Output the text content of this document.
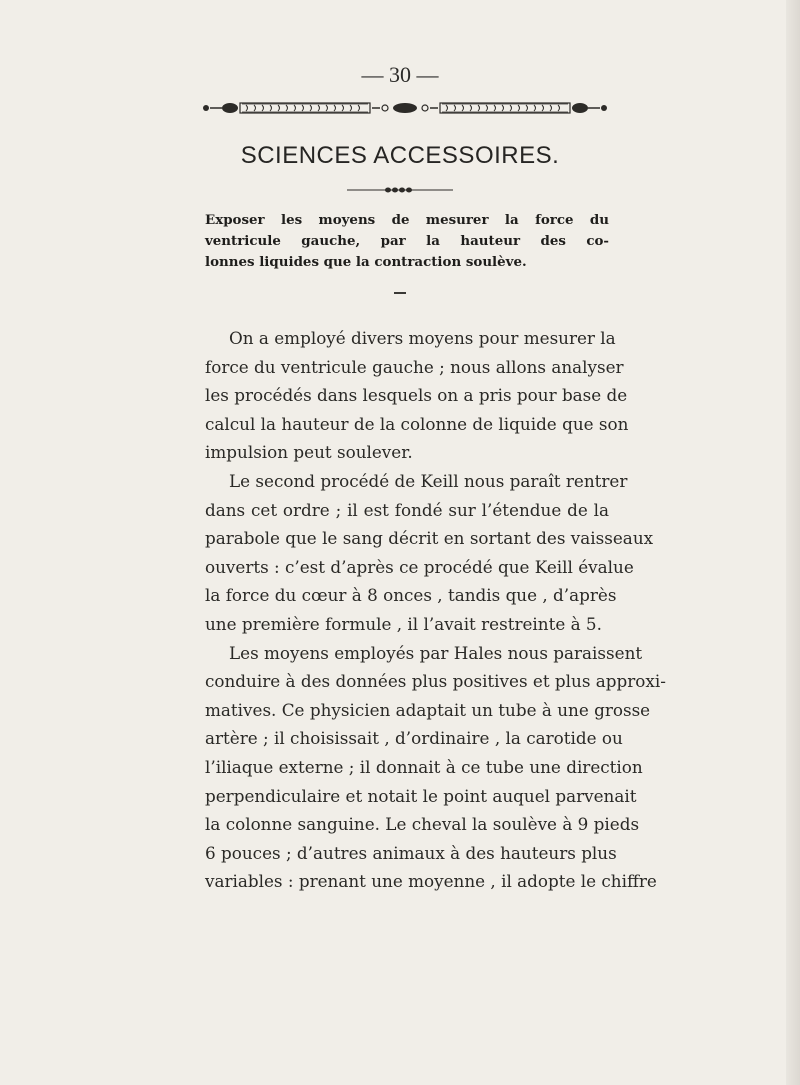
— 30 —
SCIENCES ACCESSOIRES.
Exposer les moyens de mesurer la force du
ventricule gauche, par la hauteur des co-
lonnes liquides que la contraction soulève.

On a employé divers moyens pour mesurer la
force du ventricule gauche ; nous allons analyser
les procédés dans lesquels on a pris pour base de
calcul la hauteur de la colonne de liquide que son
impulsion peut soulever.

Le second procédé de Keill nous paraît rentrer
dans cet ordre ; il est fondé sur l’étendue de la
parabole que le sang décrit en sortant des vaisseaux
ouverts : c’est d’après ce procédé que Keill évalue
la force du cœur à 8 onces , tandis que , d’après
une première formule , il l’avait restreinte à 5.

Les moyens employés par Hales nous paraissent
conduire à des données plus positives et plus approxi-
matives. Ce physicien adaptait un tube à une grosse
artère ; il choisissait , d’ordinaire , la carotide ou
l’iliaque externe ; il donnait à ce tube une direction
perpendiculaire et notait le point auquel parvenait
la colonne sanguine. Le cheval la soulève à 9 pieds
6 pouces ; d’autres animaux à des hauteurs plus
variables : prenant une moyenne , il adopte le chiffre
